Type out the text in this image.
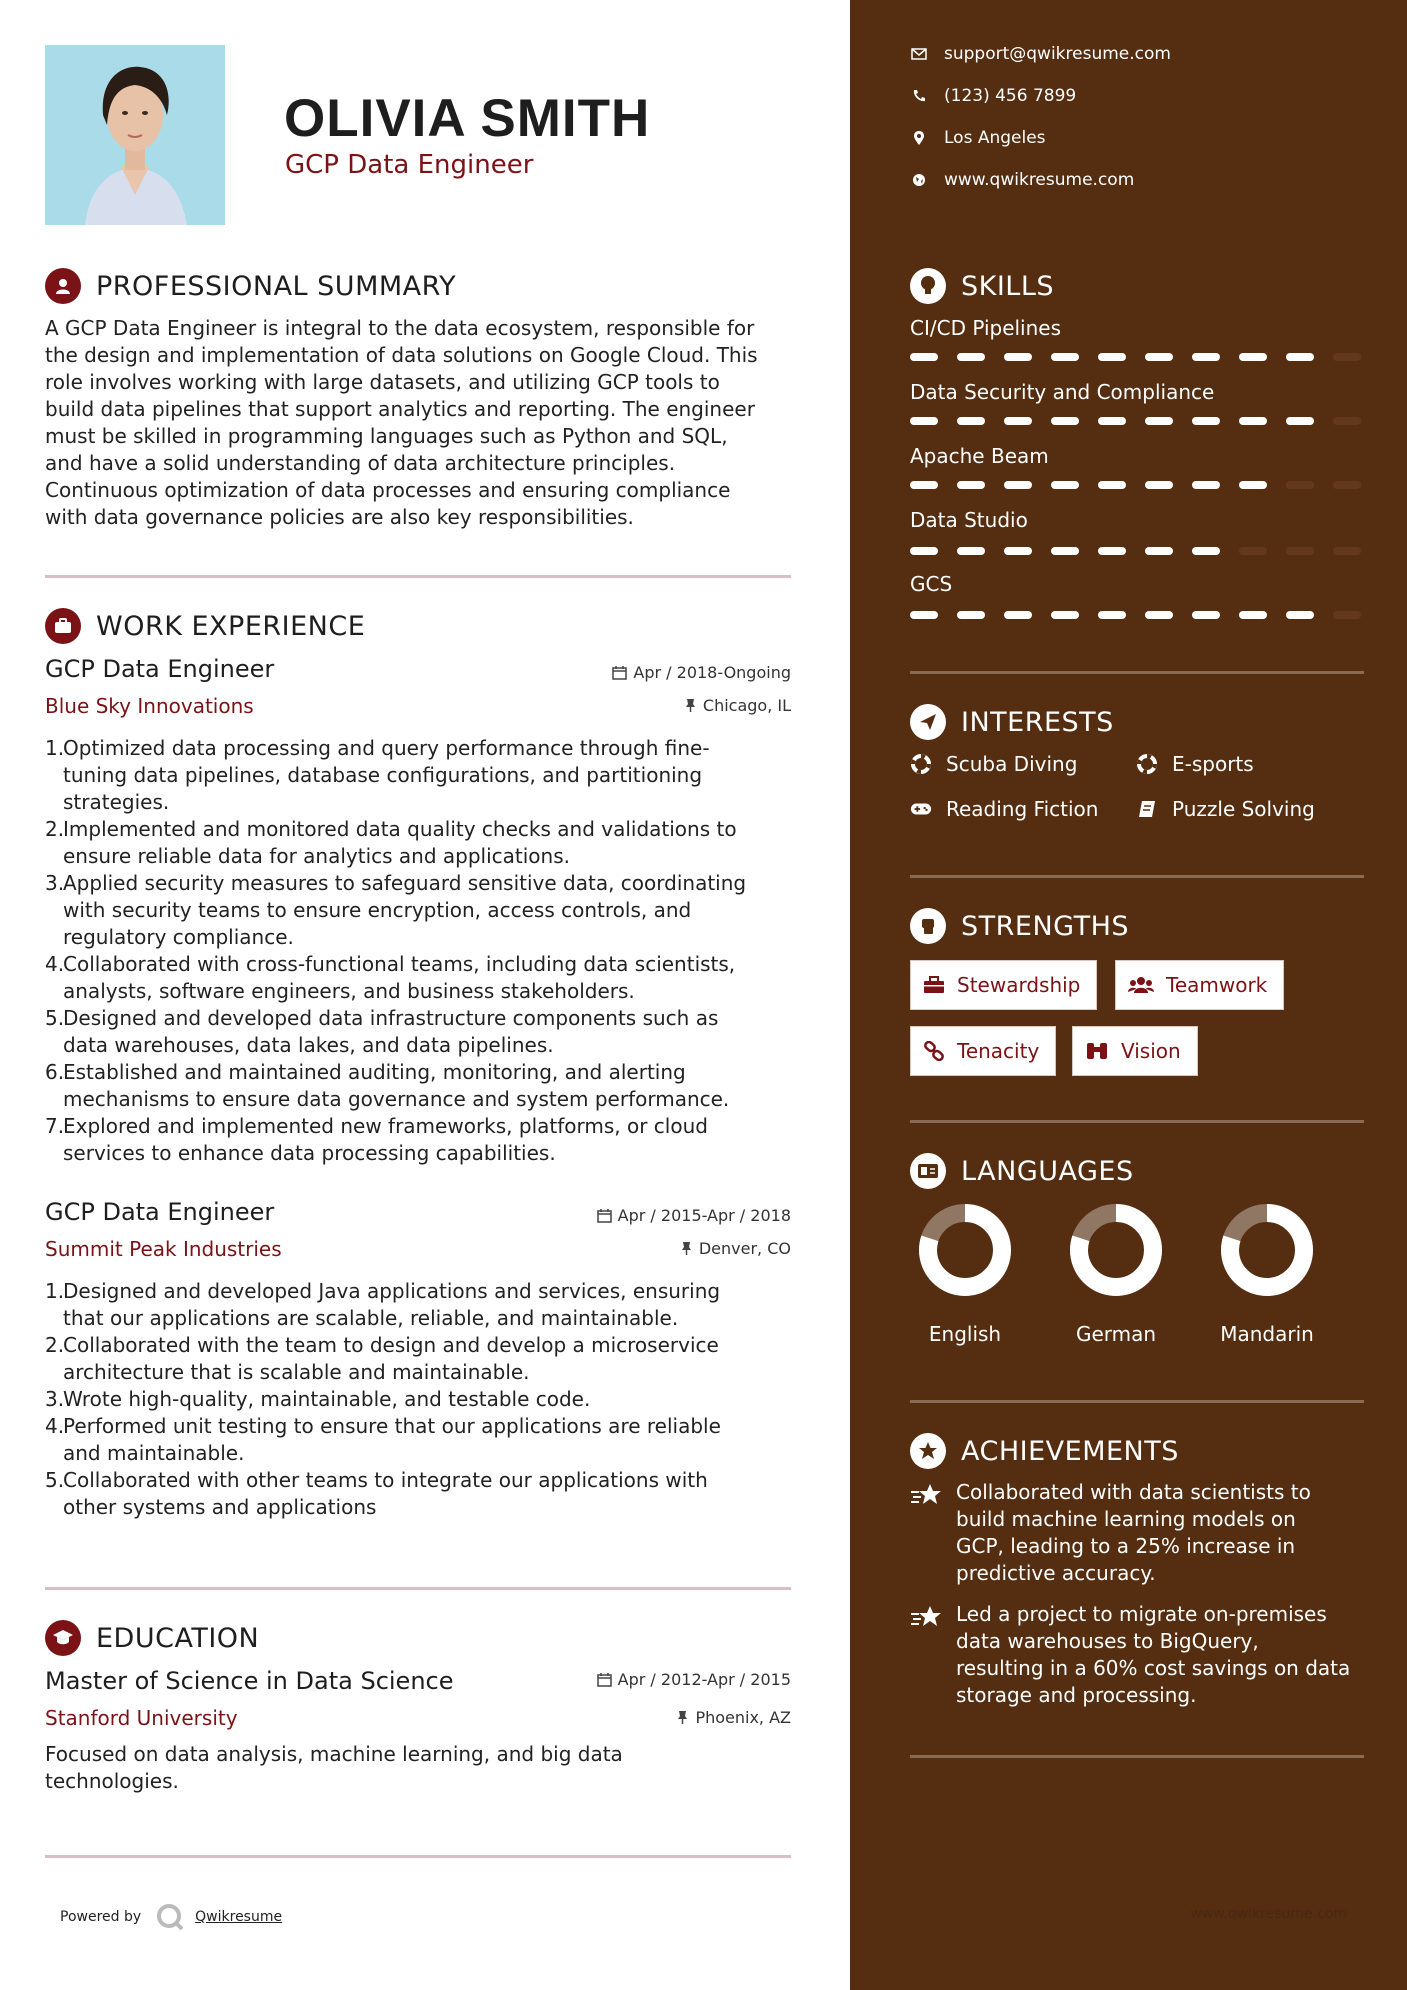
OLIVIA SMITH
GCP Data Engineer
PROFESSIONAL SUMMARY
A GCP Data Engineer is integral to the data ecosystem, responsible for
the design and implementation of data solutions on Google Cloud. This
role involves working with large datasets, and utilizing GCP tools to
build data pipelines that support analytics and reporting. The engineer
must be skilled in programming languages such as Python and SQL,
and have a solid understanding of data architecture principles.
Continuous optimization of data processes and ensuring compliance
with data governance policies are also key responsibilities.
WORK EXPERIENCE
GCP Data Engineer	Apr / 2018-Ongoing
Blue Sky Innovations	Chicago, IL
1.
Optimized data processing and query performance through fine-
tuning data pipelines, database configurations, and partitioning
strategies.
2.
Implemented and monitored data quality checks and validations to
ensure reliable data for analytics and applications.
3.
Applied security measures to safeguard sensitive data, coordinating
with security teams to ensure encryption, access controls, and
regulatory compliance.
4.
Collaborated with cross-functional teams, including data scientists,
analysts, software engineers, and business stakeholders.
5.
Designed and developed data infrastructure components such as
data warehouses, data lakes, and data pipelines.
6.
Established and maintained auditing, monitoring, and alerting
mechanisms to ensure data governance and system performance.
7.
Explored and implemented new frameworks, platforms, or cloud
services to enhance data processing capabilities.
GCP Data Engineer	Apr / 2015-Apr / 2018
Summit Peak Industries	Denver, CO
1.
Designed and developed Java applications and services, ensuring
that our applications are scalable, reliable, and maintainable.
2.
Collaborated with the team to design and develop a microservice
architecture that is scalable and maintainable.
3.
Wrote high-quality, maintainable, and testable code.
4.
Performed unit testing to ensure that our applications are reliable
and maintainable.
5.
Collaborated with other teams to integrate our applications with
other systems and applications
EDUCATION
Master of Science in Data Science	Apr / 2012-Apr / 2015
Stanford University	Phoenix, AZ
Focused on data analysis, machine learning, and big data
technologies.
Powered by	Qwikresume
support@qwikresume.com
(123) 456 7899
Los Angeles
www.qwikresume.com
SKILLS
CI/CD Pipelines
Data Security and Compliance
Apache Beam
Data Studio
GCS
INTERESTS
Scuba Diving	E-sports
Reading Fiction	Puzzle Solving
STRENGTHS
Stewardship	Teamwork
Tenacity	Vision
LANGUAGES
English	German	Mandarin
ACHIEVEMENTS
Collaborated with data scientists to
build machine learning models on
GCP, leading to a 25% increase in
predictive accuracy.
Led a project to migrate on-premises
data warehouses to BigQuery,
resulting in a 60% cost savings on data
storage and processing.
www.qwikresume.com
